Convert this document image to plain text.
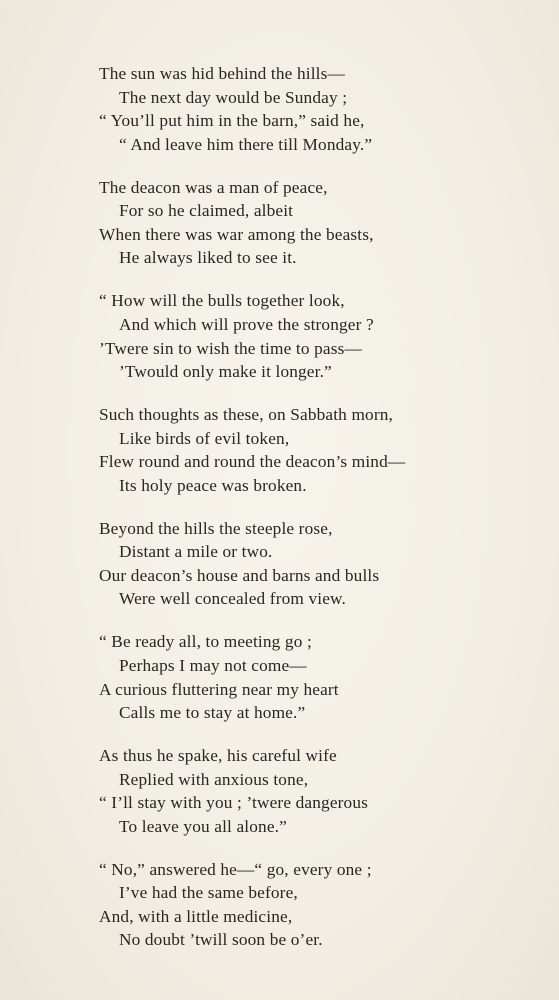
The sun was hid behind the hills—
The next day would be Sunday ;
“ You’ll put him in the barn,” said he,
“ And leave him there till Monday.”
The deacon was a man of peace,
For so he claimed, albeit
When there was war among the beasts,
He always liked to see it.
“ How will the bulls together look,
And which will prove the stronger ?
’Twere sin to wish the time to pass—
’Twould only make it longer.”
Such thoughts as these, on Sabbath morn,
Like birds of evil token,
Flew round and round the deacon’s mind—
Its holy peace was broken.
Beyond the hills the steeple rose,
Distant a mile or two.
Our deacon’s house and barns and bulls
Were well concealed from view.
“ Be ready all, to meeting go ;
Perhaps I may not come—
A curious fluttering near my heart
Calls me to stay at home.”
As thus he spake, his careful wife
Replied with anxious tone,
“ I’ll stay with you ; ’twere dangerous
To leave you all alone.”
“ No,” answered he—“ go, every one ;
I’ve had the same before,
And, with a little medicine,
No doubt ’twill soon be o’er.
